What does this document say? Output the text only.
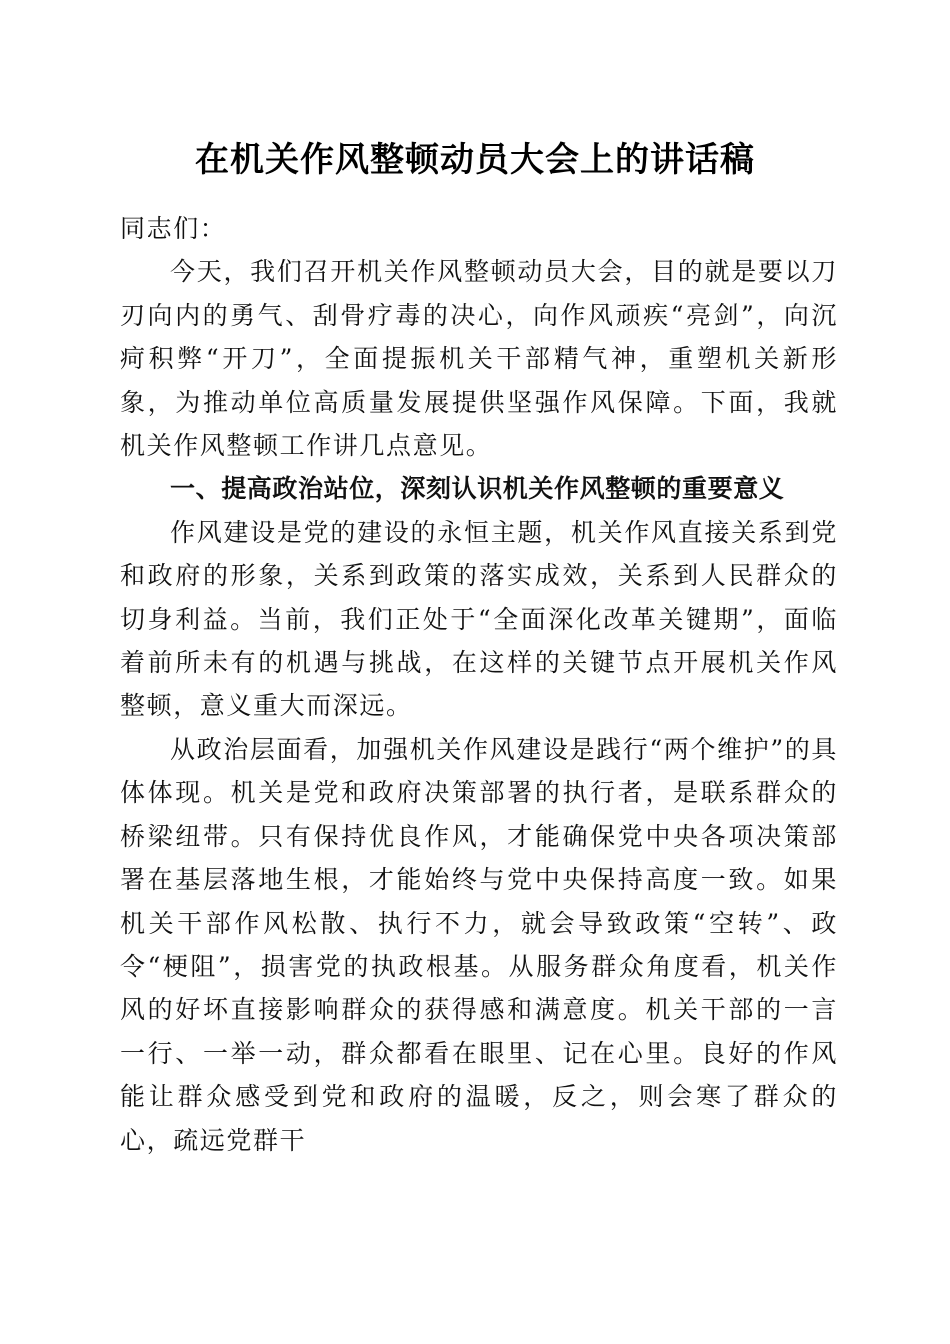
在机关作风整顿动员大会上的讲话稿

同志们：

今天，我们召开机关作风整顿动员大会，目的就是要以刀刃向内的勇气、刮骨疗毒的决心，向作风顽疾“亮剑”，向沉疴积弊“开刀”，全面提振机关干部精气神，重塑机关新形象，为推动单位高质量发展提供坚强作风保障。下面，我就机关作风整顿工作讲几点意见。

一、提高政治站位，深刻认识机关作风整顿的重要意义

作风建设是党的建设的永恒主题，机关作风直接关系到党和政府的形象，关系到政策的落实成效，关系到人民群众的切身利益。当前，我们正处于“全面深化改革关键期”，面临着前所未有的机遇与挑战，在这样的关键节点开展机关作风整顿，意义重大而深远。

从政治层面看，加强机关作风建设是践行“两个维护”的具体体现。机关是党和政府决策部署的执行者，是联系群众的桥梁纽带。只有保持优良作风，才能确保党中央各项决策部署在基层落地生根，才能始终与党中央保持高度一致。如果机关干部作风松散、执行不力，就会导致政策“空转”、政令“梗阻”，损害党的执政根基。从服务群众角度看，机关作风的好坏直接影响群众的获得感和满意度。机关干部的一言一行、一举一动，群众都看在眼里、记在心里。良好的作风能让群众感受到党和政府的温暖，反之，则会寒了群众的心，疏远党群干
